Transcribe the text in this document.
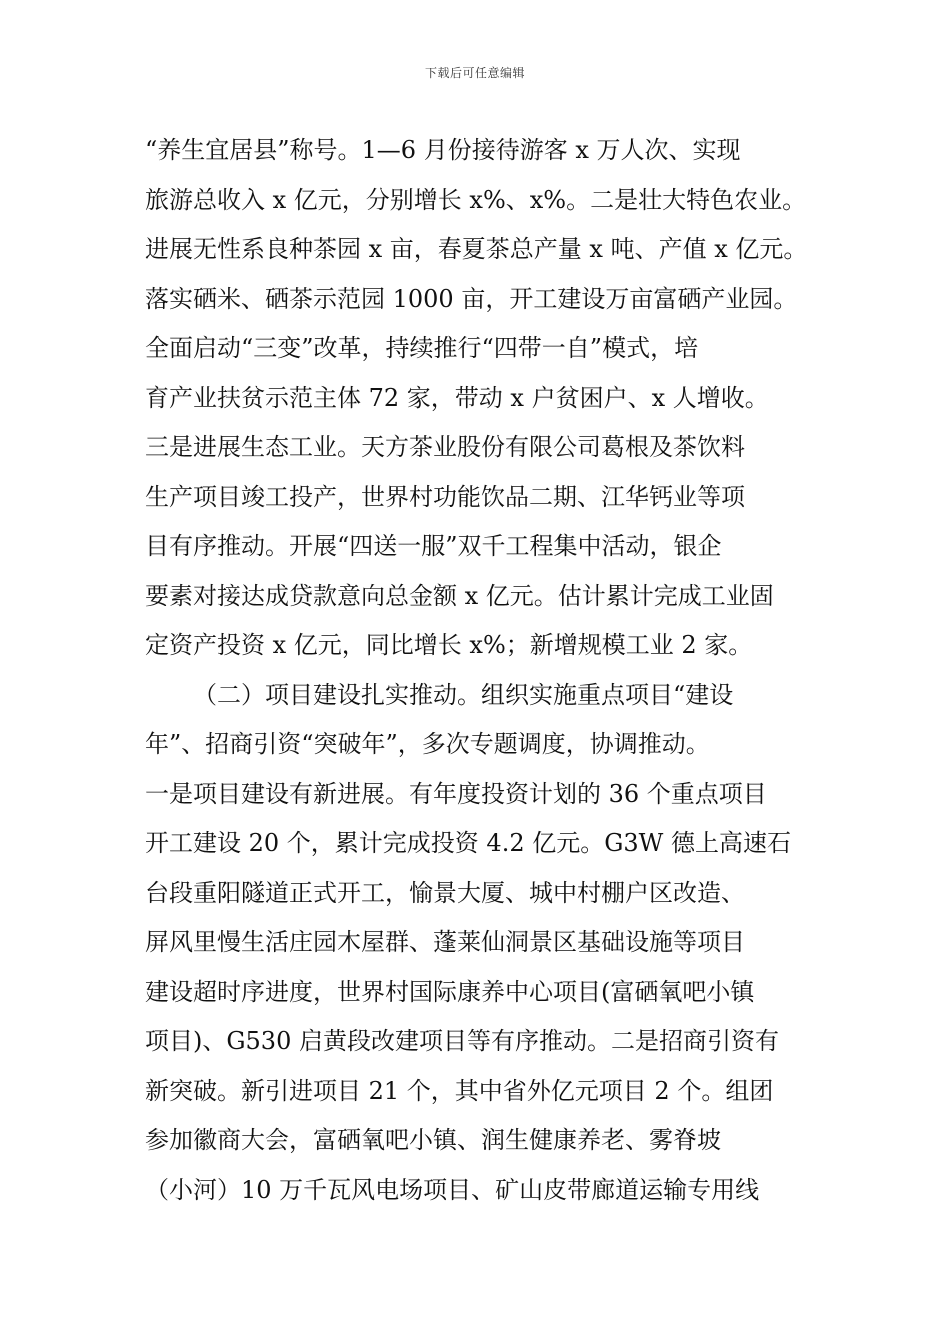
下载后可任意编辑
“养生宜居县”称号。1—6 月份接待游客 x 万人次、实现
旅游总收入 x 亿元，分别增长 x%、x%。二是壮大特色农业。
进展无性系良种茶园 x 亩，春夏茶总产量 x 吨、产值 x 亿元。
落实硒米、硒茶示范园 1000 亩，开工建设万亩富硒产业园。
全面启动“三变”改革，持续推行“四带一自”模式，培
育产业扶贫示范主体 72 家，带动 x 户贫困户、x 人增收。
三是进展生态工业。天方茶业股份有限公司葛根及茶饮料
生产项目竣工投产，世界村功能饮品二期、江华钙业等项
目有序推动。开展“四送一服”双千工程集中活动，银企
要素对接达成贷款意向总金额 x 亿元。估计累计完成工业固
定资产投资 x 亿元，同比增长 x%；新增规模工业 2 家。
（二）项目建设扎实推动。组织实施重点项目“建设
年”、招商引资“突破年”，多次专题调度，协调推动。
一是项目建设有新进展。有年度投资计划的 36 个重点项目
开工建设 20 个，累计完成投资 4.2 亿元。G3W 德上高速石
台段重阳隧道正式开工，愉景大厦、城中村棚户区改造、
屏风里慢生活庄园木屋群、蓬莱仙洞景区基础设施等项目
建设超时序进度，世界村国际康养中心项目(富硒氧吧小镇
项目)、G530 启黄段改建项目等有序推动。二是招商引资有
新突破。新引进项目 21 个，其中省外亿元项目 2 个。组团
参加徽商大会，富硒氧吧小镇、润生健康养老、雾脊坡
（小河）10 万千瓦风电场项目、矿山皮带廊道运输专用线
